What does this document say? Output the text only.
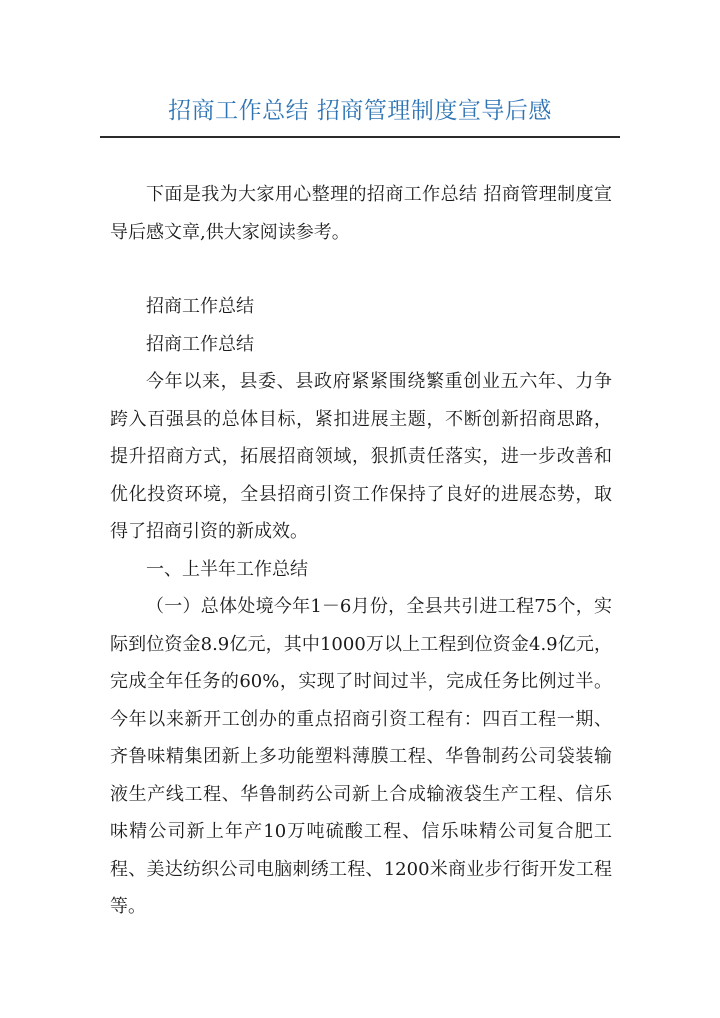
招商工作总结 招商管理制度宣导后感

下面是我为大家用心整理的招商工作总结 招商管理制度宣导后感文章,供大家阅读参考。

招商工作总结

招商工作总结

今年以来，县委、县政府紧紧围绕繁重创业五六年、力争跨入百强县的总体目标，紧扣进展主题，不断创新招商思路，提升招商方式，拓展招商领域，狠抓责任落实，进一步改善和优化投资环境，全县招商引资工作保持了良好的进展态势，取得了招商引资的新成效。

一、上半年工作总结

（一）总体处境今年1－6月份，全县共引进工程75个，实际到位资金8.9亿元，其中1000万以上工程到位资金4.9亿元，完成全年任务的60%，实现了时间过半，完成任务比例过半。今年以来新开工创办的重点招商引资工程有：四百工程一期、齐鲁味精集团新上多功能塑料薄膜工程、华鲁制药公司袋装输液生产线工程、华鲁制药公司新上合成输液袋生产工程、信乐味精公司新上年产10万吨硫酸工程、信乐味精公司复合肥工程、美达纺织公司电脑刺绣工程、1200米商业步行街开发工程等。
